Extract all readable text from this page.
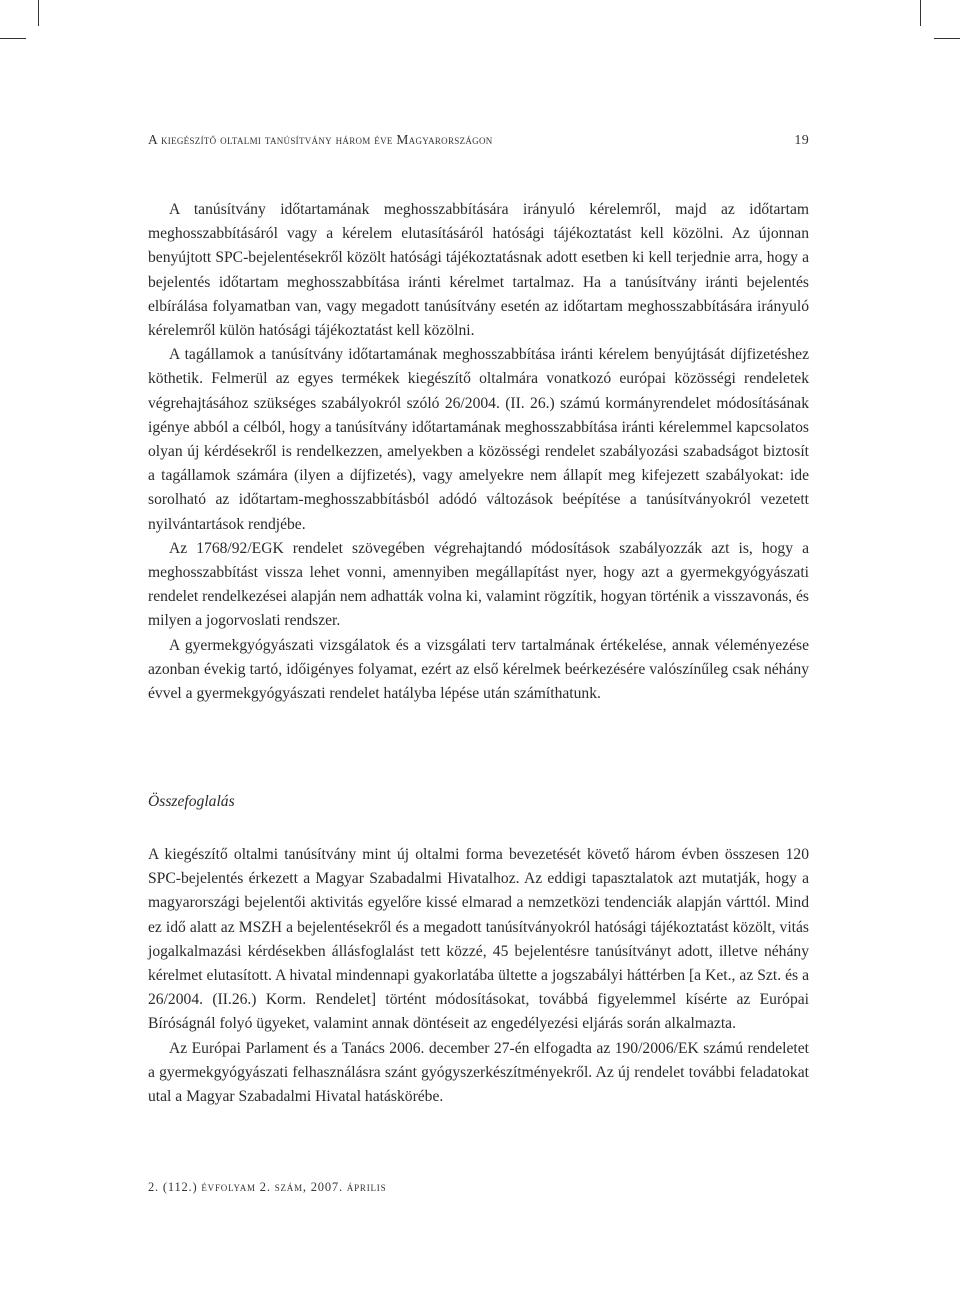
A kiegészítő oltalmi tanúsítvány három éve Magyarországon	19

A tanúsítvány időtartamának meghosszabbítására irányuló kérelemről, majd az időtartam meghosszabbításáról vagy a kérelem elutasításáról hatósági tájékoztatást kell közölni. Az újonnan benyújtott SPC-bejelentésekről közölt hatósági tájékoztatásnak adott esetben ki kell terjednie arra, hogy a bejelentés időtartam meghosszabbítása iránti kérelmet tartalmaz. Ha a tanúsítvány iránti bejelentés elbírálása folyamatban van, vagy megadott tanúsítvány esetén az időtartam meghosszabbítására irányuló kérelemről külön hatósági tájékoztatást kell közölni.

A tagállamok a tanúsítvány időtartamának meghosszabbítása iránti kérelem benyújtását díjfizetéshez köthetik. Felmerül az egyes termékek kiegészítő oltalmára vonatkozó európai közösségi rendeletek végrehajtásához szükséges szabályokról szóló 26/2004. (II. 26.) számú kormányrendelet módosításának igénye abból a célból, hogy a tanúsítvány időtartamának meghosszabbítása iránti kérelemmel kapcsolatos olyan új kérdésekről is rendelkezzen, amelyekben a közösségi rendelet szabályozási szabadságot biztosít a tagállamok számára (ilyen a díjfizetés), vagy amelyekre nem állapít meg kifejezett szabályokat: ide sorolható az időtartam-meghosszabbításból adódó változások beépítése a tanúsítványokról vezetett nyilvántartások rendjébe.

Az 1768/92/EGK rendelet szövegében végrehajtandó módosítások szabályozzák azt is, hogy a meghosszabbítást vissza lehet vonni, amennyiben megállapítást nyer, hogy azt a gyermekgyógyászati rendelet rendelkezései alapján nem adhatták volna ki, valamint rögzítik, hogyan történik a visszavonás, és milyen a jogorvoslati rendszer.

A gyermekgyógyászati vizsgálatok és a vizsgálati terv tartalmának értékelése, annak véleményezése azonban évekig tartó, időigényes folyamat, ezért az első kérelmek beérkezésére valószínűleg csak néhány évvel a gyermekgyógyászati rendelet hatályba lépése után számíthatunk.

Összefoglalás

A kiegészítő oltalmi tanúsítvány mint új oltalmi forma bevezetését követő három évben összesen 120 SPC-bejelentés érkezett a Magyar Szabadalmi Hivatalhoz. Az eddigi tapasztalatok azt mutatják, hogy a magyarországi bejelentői aktivitás egyelőre kissé elmarad a nemzetközi tendenciák alapján várttól. Mind ez idő alatt az MSZH a bejelentésekről és a megadott tanúsítványokról hatósági tájékoztatást közölt, vitás jogalkalmazási kérdésekben állásfoglalást tett közzé, 45 bejelentésre tanúsítványt adott, illetve néhány kérelmet elutasított. A hivatal mindennapi gyakorlatába ültette a jogszabályi háttérben [a Ket., az Szt. és a 26/2004. (II.26.) Korm. Rendelet] történt módosításokat, továbbá figyelemmel kísérte az Európai Bíróságnál folyó ügyeket, valamint annak döntéseit az engedélyezési eljárás során alkalmazta.

Az Európai Parlament és a Tanács 2006. december 27-én elfogadta az 190/2006/EK számú rendeletet a gyermekgyógyászati felhasználásra szánt gyógyszerkészítményekről. Az új rendelet további feladatokat utal a Magyar Szabadalmi Hivatal hatáskörébe.

2. (112.) évfolyam 2. szám, 2007. április
